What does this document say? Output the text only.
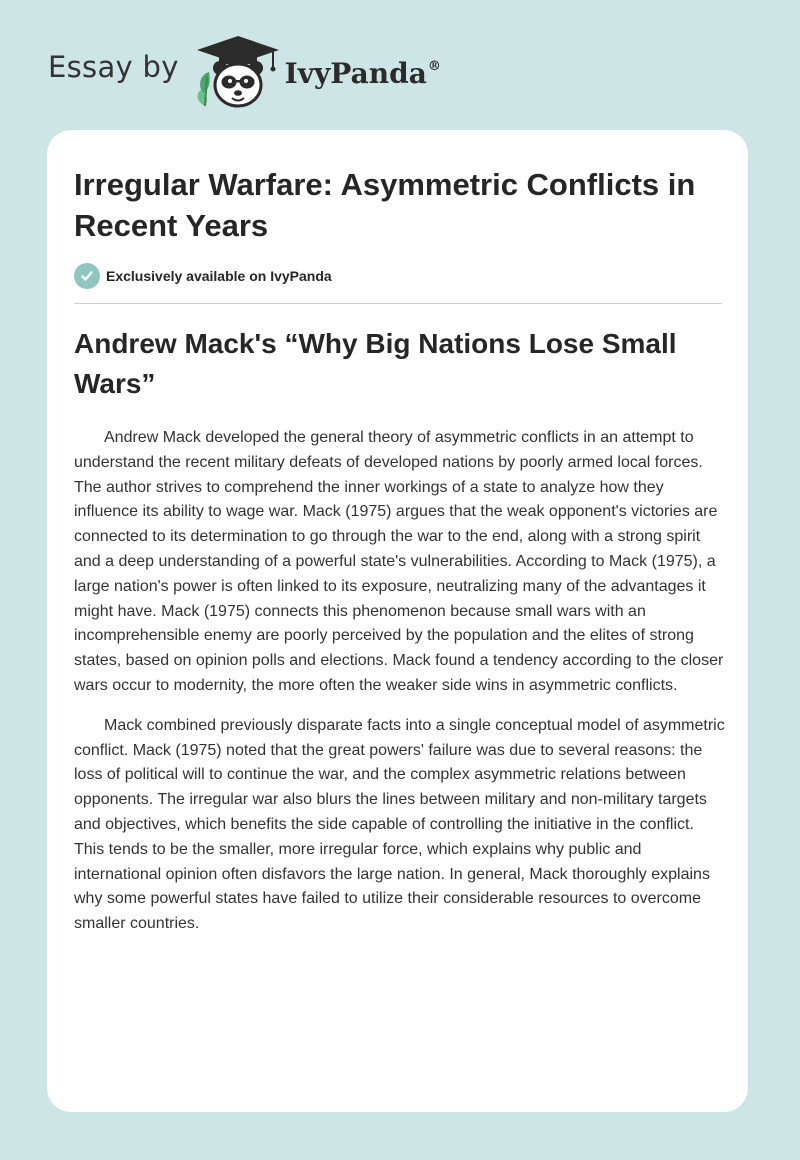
Essay by	IvyPanda®
Irregular Warfare: Asymmetric Conflicts in Recent Years
Exclusively available on IvyPanda
Andrew Mack's “Why Big Nations Lose Small Wars”

Andrew Mack developed the general theory of asymmetric conflicts in an attempt to understand the recent military defeats of developed nations by poorly armed local forces. The author strives to comprehend the inner workings of a state to analyze how they influence its ability to wage war. Mack (1975) argues that the weak opponent's victories are connected to its determination to go through the war to the end, along with a strong spirit and a deep understanding of a powerful state's vulnerabilities. According to Mack (1975), a large nation's power is often linked to its exposure, neutralizing many of the advantages it might have. Mack (1975) connects this phenomenon because small wars with an incomprehensible enemy are poorly perceived by the population and the elites of strong states, based on opinion polls and elections. Mack found a tendency according to the closer wars occur to modernity, the more often the weaker side wins in asymmetric conflicts.

Mack combined previously disparate facts into a single conceptual model of asymmetric conflict. Mack (1975) noted that the great powers' failure was due to several reasons: the loss of political will to continue the war, and the complex asymmetric relations between opponents. The irregular war also blurs the lines between military and non-military targets and objectives, which benefits the side capable of controlling the initiative in the conflict. This tends to be the smaller, more irregular force, which explains why public and international opinion often disfavors the large nation. In general, Mack thoroughly explains why some powerful states have failed to utilize their considerable resources to overcome smaller countries.
